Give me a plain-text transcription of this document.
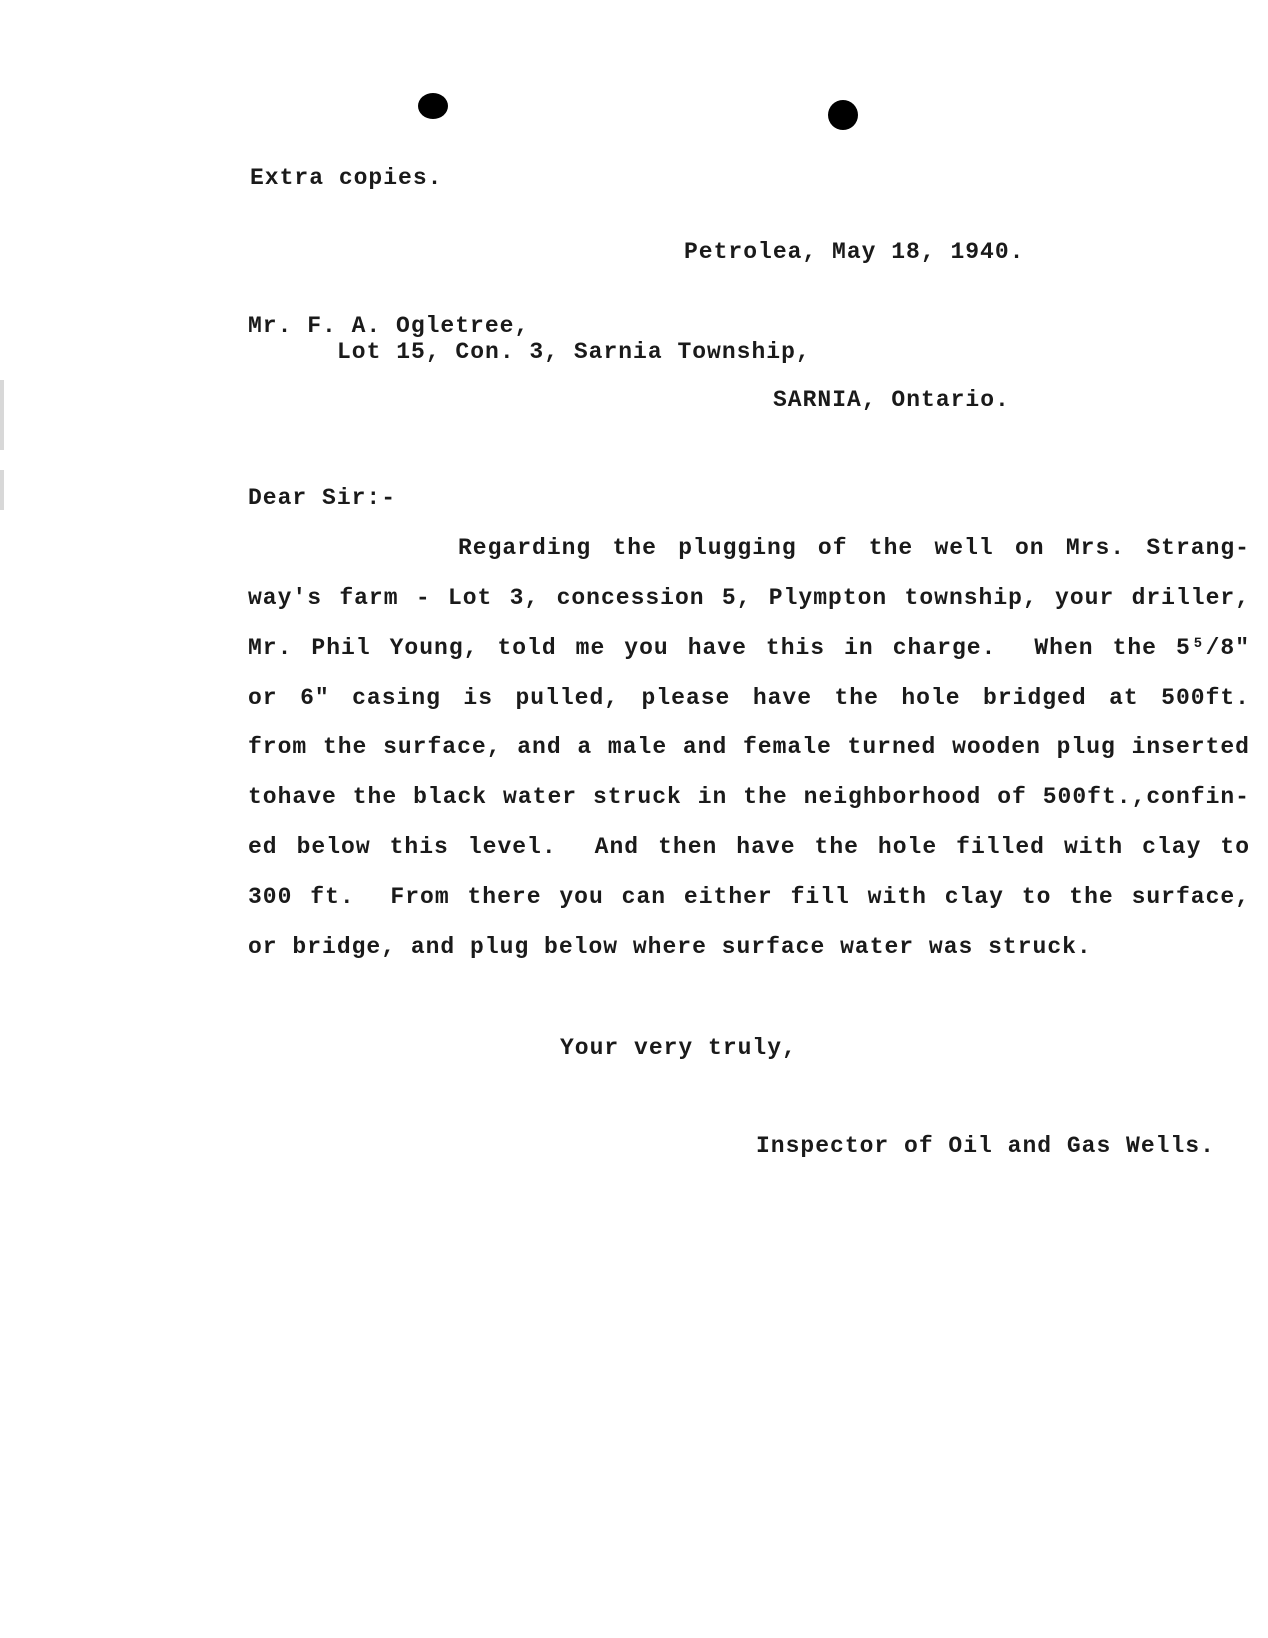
Extra copies.
Petrolea, May 18, 1940.
Mr. F. A. Ogletree,
Lot 15, Con. 3, Sarnia Township,
SARNIA, Ontario.
Dear Sir:-
Regarding the plugging of the well on Mrs. Strang-
way's farm - Lot 3, concession 5, Plympton township, your driller,
Mr. Phil Young, told me you have this in charge.  When the 5⁵/8"
or 6" casing is pulled, please have the hole bridged at 500ft.
from the surface, and a male and female turned wooden plug inserted
tohave the black water struck in the neighborhood of 500ft.,confin-
ed below this level.  And then have the hole filled with clay to
300 ft.  From there you can either fill with clay to the surface,
or bridge, and plug below where surface water was struck.
Your very truly,
Inspector of Oil and Gas Wells.
